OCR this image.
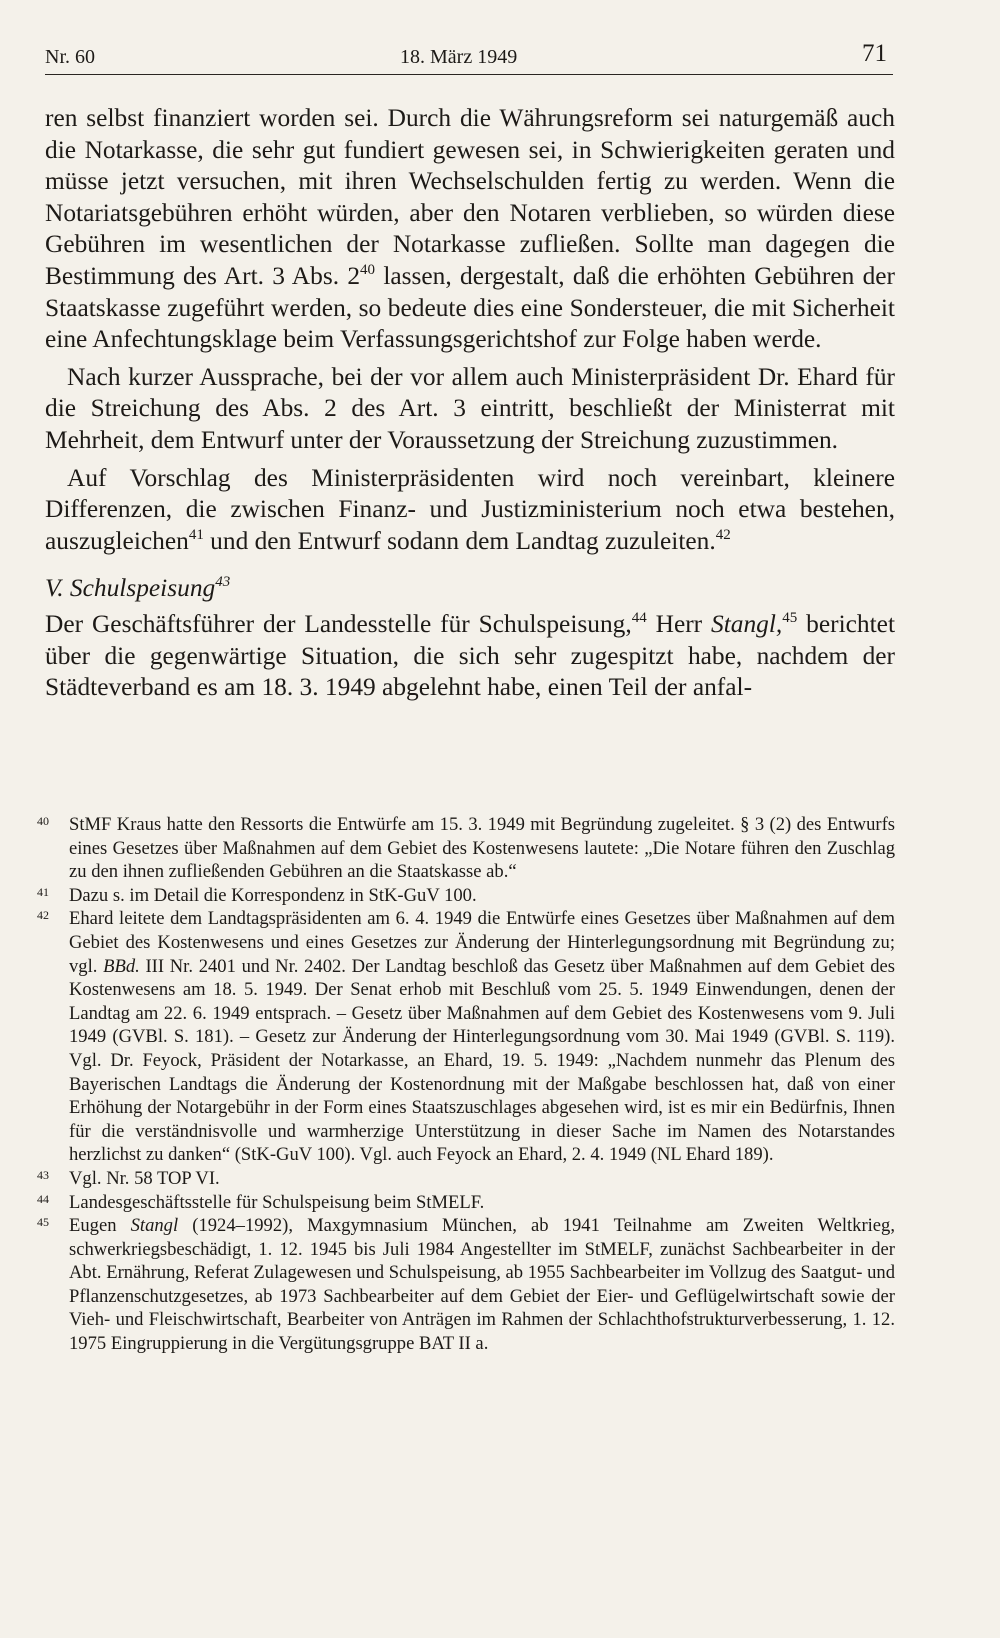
Nr. 60	18. März 1949	71

ren selbst finanziert worden sei. Durch die Währungsreform sei naturgemäß auch die Notarkasse, die sehr gut fundiert gewesen sei, in Schwierigkeiten geraten und müsse jetzt versuchen, mit ihren Wechselschulden fertig zu werden. Wenn die Notariatsgebühren erhöht würden, aber den Notaren verblieben, so würden diese Gebühren im wesentlichen der Notarkasse zufließen. Sollte man dagegen die Bestimmung des Art. 3 Abs. $2^{40}$ lassen, dergestalt, daß die erhöhten Gebühren der Staatskasse zugeführt werden, so bedeute dies eine Sondersteuer, die mit Sicherheit eine Anfechtungsklage beim Verfassungsgerichtshof zur Folge haben werde.

Nach kurzer Aussprache, bei der vor allem auch Ministerpräsident Dr. Ehard für die Streichung des Abs. 2 des Art. 3 eintritt, beschließt der Ministerrat mit Mehrheit, dem Entwurf unter der Voraussetzung der Streichung zuzustimmen.

Auf Vorschlag des Ministerpräsidenten wird noch vereinbart, kleinere Differenzen, die zwischen Finanz- und Justizministerium noch etwa bestehen, auszugleichen$^{41}$ und den Entwurf sodann dem Landtag zuzuleiten.$^{42}$

V. Schulspeisung$^{43}$

Der Geschäftsführer der Landesstelle für Schulspeisung,$^{44}$ Herr Stangl,$^{45}$ berichtet über die gegenwärtige Situation, die sich sehr zugespitzt habe, nachdem der Städteverband es am 18. 3. 1949 abgelehnt habe, einen Teil der anfal-

40 StMF Kraus hatte den Ressorts die Entwürfe am 15. 3. 1949 mit Begründung zugeleitet. § 3 (2) des Entwurfs eines Gesetzes über Maßnahmen auf dem Gebiet des Kostenwesens lautete: „Die Notare führen den Zuschlag zu den ihnen zufließenden Gebühren an die Staatskasse ab.“

41 Dazu s. im Detail die Korrespondenz in StK-GuV 100.

42 Ehard leitete dem Landtagspräsidenten am 6. 4. 1949 die Entwürfe eines Gesetzes über Maßnahmen auf dem Gebiet des Kostenwesens und eines Gesetzes zur Änderung der Hinterlegungsordnung mit Begründung zu; vgl. BBd. III Nr. 2401 und Nr. 2402. Der Landtag beschloß das Gesetz über Maßnahmen auf dem Gebiet des Kostenwesens am 18. 5. 1949. Der Senat erhob mit Beschluß vom 25. 5. 1949 Einwendungen, denen der Landtag am 22. 6. 1949 entsprach. – Gesetz über Maßnahmen auf dem Gebiet des Kostenwesens vom 9. Juli 1949 (GVBl. S. 181). – Gesetz zur Änderung der Hinterlegungsordnung vom 30. Mai 1949 (GVBl. S. 119). Vgl. Dr. Feyock, Präsident der Notarkasse, an Ehard, 19. 5. 1949: „Nachdem nunmehr das Plenum des Bayerischen Landtags die Änderung der Kostenordnung mit der Maßgabe beschlossen hat, daß von einer Erhöhung der Notargebühr in der Form eines Staatszuschlages abgesehen wird, ist es mir ein Bedürfnis, Ihnen für die verständnisvolle und warmherzige Unterstützung in dieser Sache im Namen des Notarstandes herzlichst zu danken“ (StK-GuV 100). Vgl. auch Feyock an Ehard, 2. 4. 1949 (NL Ehard 189).

43 Vgl. Nr. 58 TOP VI.

44 Landesgeschäftsstelle für Schulspeisung beim StMELF.

45 Eugen Stangl (1924–1992), Maxgymnasium München, ab 1941 Teilnahme am Zweiten Weltkrieg, schwerkriegsbeschädigt, 1. 12. 1945 bis Juli 1984 Angestellter im StMELF, zunächst Sachbearbeiter in der Abt. Ernährung, Referat Zulagewesen und Schulspeisung, ab 1955 Sachbearbeiter im Vollzug des Saatgut- und Pflanzenschutzgesetzes, ab 1973 Sachbearbeiter auf dem Gebiet der Eier- und Geflügelwirtschaft sowie der Vieh- und Fleischwirtschaft, Bearbeiter von Anträgen im Rahmen der Schlachthofstrukturverbesserung, 1. 12. 1975 Eingruppierung in die Vergütungsgruppe BAT II a.
